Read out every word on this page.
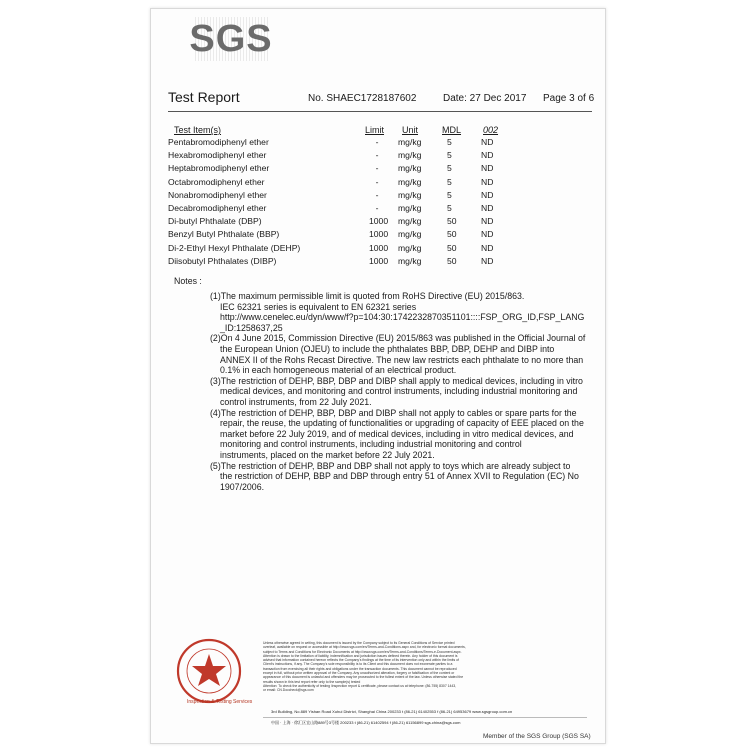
SGS
Test Report	No. SHAEC1728187602	Date: 27 Dec 2017 Page 3 of 6
Test Item(s)	Limit Unit	MDL 002
Pentabromodiphenyl ether	-	mg/kg	5	ND
Hexabromodiphenyl ether	-	mg/kg	5	ND
Heptabromodiphenyl ether	-	mg/kg	5	ND
Octabromodiphenyl ether	-	mg/kg	5	ND
Nonabromodiphenyl ether	-	mg/kg	5	ND
Decabromodiphenyl ether	-	mg/kg	5	ND
Di-butyl Phthalate (DBP)	1000 mg/kg	50	ND
Benzyl Butyl Phthalate (BBP)	1000 mg/kg	50	ND
Di-2-Ethyl Hexyl Phthalate (DEHP)	1000 mg/kg	50	ND
Diisobutyl Phthalates (DIBP)	1000 mg/kg	50	ND
Notes :
(1)The maximum permissible limit is quoted from RoHS Directive (EU) 2015/863.
IEC 62321 series is equivalent to EN 62321 series
http://www.cenelec.eu/dyn/www/f?p=104:30:1742232870351101::::FSP_ORG_ID,FSP_LANG
_ID:1258637,25
(2)On 4 June 2015, Commission Directive (EU) 2015/863 was published in the Official Journal of
the European Union (OJEU) to include the phthalates BBP, DBP, DEHP and DIBP into
ANNEX II of the Rohs Recast Directive. The new law restricts each phthalate to no more than
0.1% in each homogeneous material of an electrical product.
(3)The restriction of DEHP, BBP, DBP and DIBP shall apply to medical devices, including in vitro
medical devices, and monitoring and control instruments, including industrial monitoring and
control instruments, from 22 July 2021.
(4)The restriction of DEHP, BBP, DBP and DIBP shall not apply to cables or spare parts for the
repair, the reuse, the updating of functionalities or upgrading of capacity of EEE placed on the
market before 22 July 2019, and of medical devices, including in vitro medical devices, and
monitoring and control instruments, including industrial monitoring and control
instruments, placed on the market before 22 July 2021.
(5)The restriction of DEHP, BBP and DBP shall not apply to toys which are already subject to
the restriction of DEHP, BBP and DBP through entry 51 of Annex XVII to Regulation (EC) No
1907/2006.
Inspection & Testing Services
Unless otherwise agreed in writing, this document is issued by the Company subject to its General Conditions of Service printed
overleaf, available on request or accessible at http://www.sgs.com/en/Terms-and-Conditions.aspx and, for electronic format documents,
subject to Terms and Conditions for Electronic Documents at http://www.sgs.com/en/Terms-and-Conditions/Terms-e-Document.aspx.
Attention is drawn to the limitation of liability, indemnification and jurisdiction issues defined therein. Any holder of this document is
advised that information contained hereon reflects the Company's findings at the time of its intervention only and within the limits of
Client's instructions, if any. The Company's sole responsibility is to its Client and this document does not exonerate parties to a
transaction from exercising all their rights and obligations under the transaction documents. This document cannot be reproduced
except in full, without prior written approval of the Company. Any unauthorized alteration, forgery or falsification of the content or
appearance of this document is unlawful and offenders may be prosecuted to the fullest extent of the law. Unless otherwise stated the
results shown in this test report refer only to the sample(s) tested
Attention: To check the authenticity of testing /inspection report & certificate, please contact us at telephone: (86-755) 8307 1443,
or email: CN.Doccheck@sgs.com
3rd Building, No.889 Yishan Road Xuhui District, Shanghai China 200233 t (86-21) 61402553 f (86-21) 64953679 www.sgsgroup.com.cn
中国 · 上海 · 徐汇区宜山路889号3号楼 200233 t (86-21) 61402594 f (86-21) 61156899 sgs.china@sgs.com
Member of the SGS Group (SGS SA)
